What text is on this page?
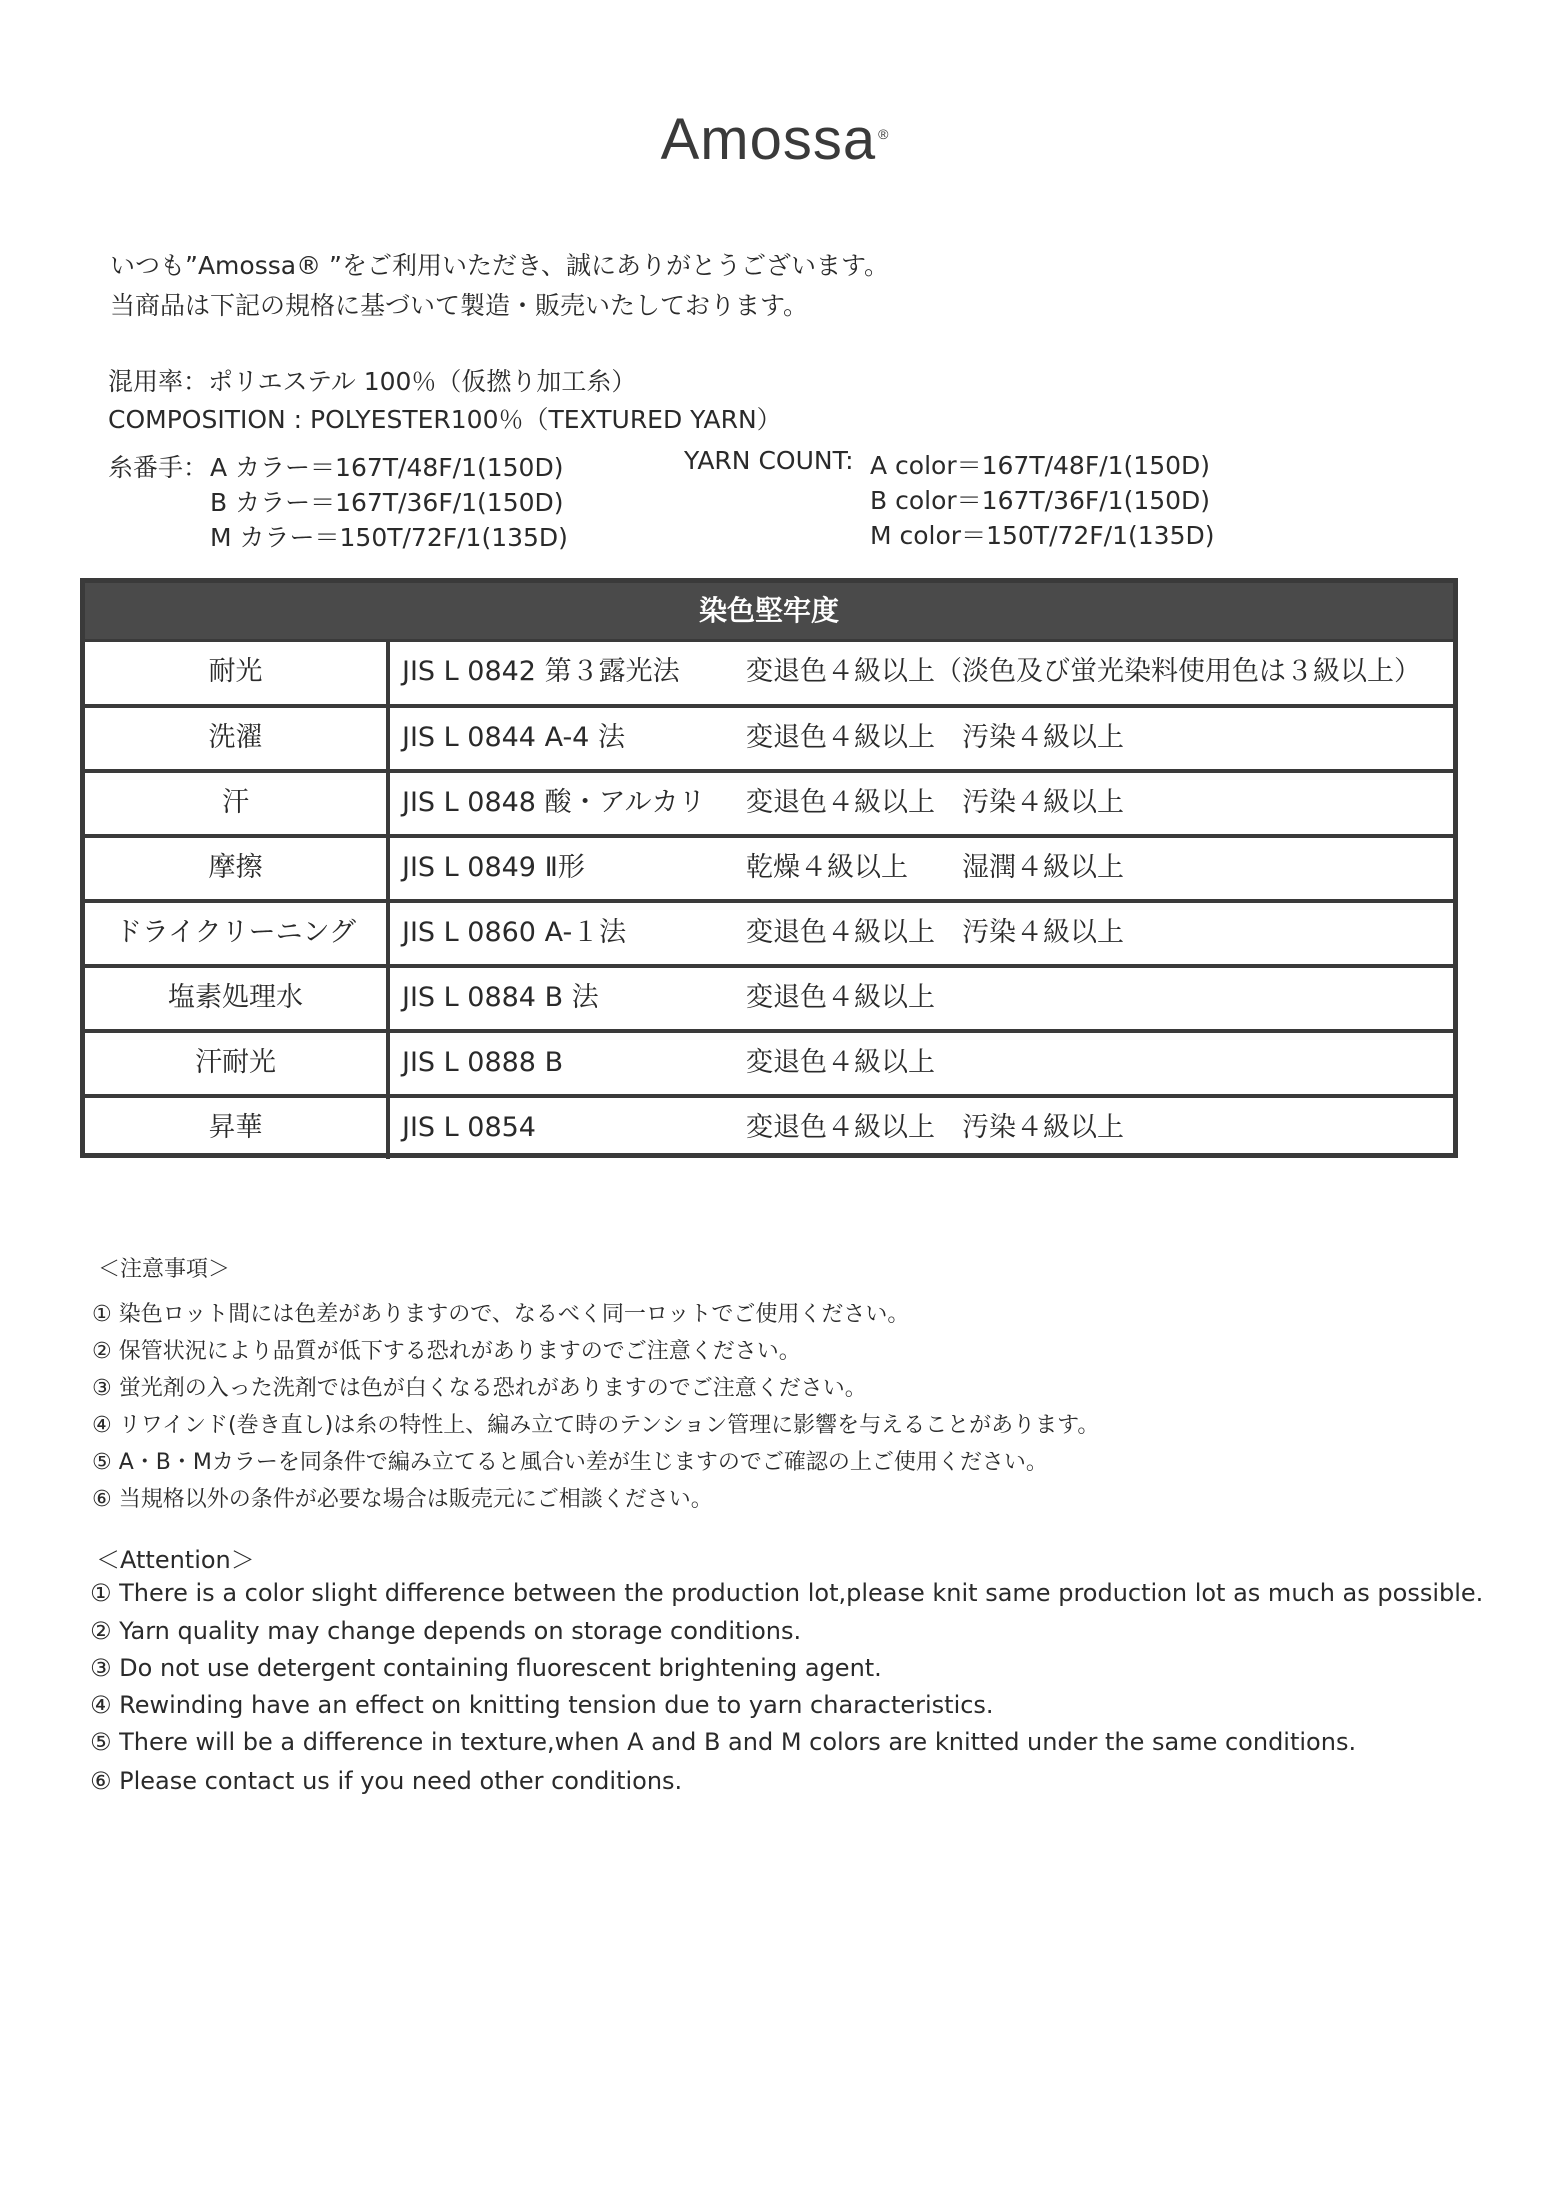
Amossa ®
いつも”Amossa® ”をご利用いただき、誠にありがとうございます。
当商品は下記の規格に基づいて製造・販売いたしております。
混用率：ポリエステル 100％（仮撚り加工糸）
COMPOSITION : POLYESTER100％（TEXTURED YARN）
糸番手： A カラー＝167T/48F/1(150D)
B カラー＝167T/36F/1(150D)
M カラー＝150T/72F/1(135D)
YARN COUNT: A color＝167T/48F/1(150D)
B color＝167T/36F/1(150D)
M color＝150T/72F/1(135D)
染色堅牢度
耐光	JIS L 0842 第３露光法	変退色４級以上（淡色及び蛍光染料使用色は３級以上）
洗濯	JIS L 0844 A-4 法	変退色４級以上　汚染４級以上
汗	JIS L 0848 酸・アルカリ	変退色４級以上　汚染４級以上
摩擦	JIS L 0849 Ⅱ形	乾燥４級以上　　湿潤４級以上
ドライクリーニング	JIS L 0860 A-１法	変退色４級以上　汚染４級以上
塩素処理水	JIS L 0884 B 法	変退色４級以上
汗耐光	JIS L 0888 B	変退色４級以上
昇華	JIS L 0854	変退色４級以上　汚染４級以上
＜注意事項＞
① 染色ロット間には色差がありますので、なるべく同一ロットでご使用ください。
② 保管状況により品質が低下する恐れがありますのでご注意ください。
③ 蛍光剤の入った洗剤では色が白くなる恐れがありますのでご注意ください。
④ リワインド(巻き直し)は糸の特性上、編み立て時のテンション管理に影響を与えることがあります。
⑤ A・B・Mカラーを同条件で編み立てると風合い差が生じますのでご確認の上ご使用ください。
⑥ 当規格以外の条件が必要な場合は販売元にご相談ください。
＜Attention＞
① There is a color slight difference between the production lot,please knit same production lot as much as possible.
② Yarn quality may change depends on storage conditions.
③ Do not use detergent containing fluorescent brightening agent.
④ Rewinding have an effect on knitting tension due to yarn characteristics.
⑤ There will be a difference in texture,when A and B and M colors are knitted under the same conditions.
⑥ Please contact us if you need other conditions.
